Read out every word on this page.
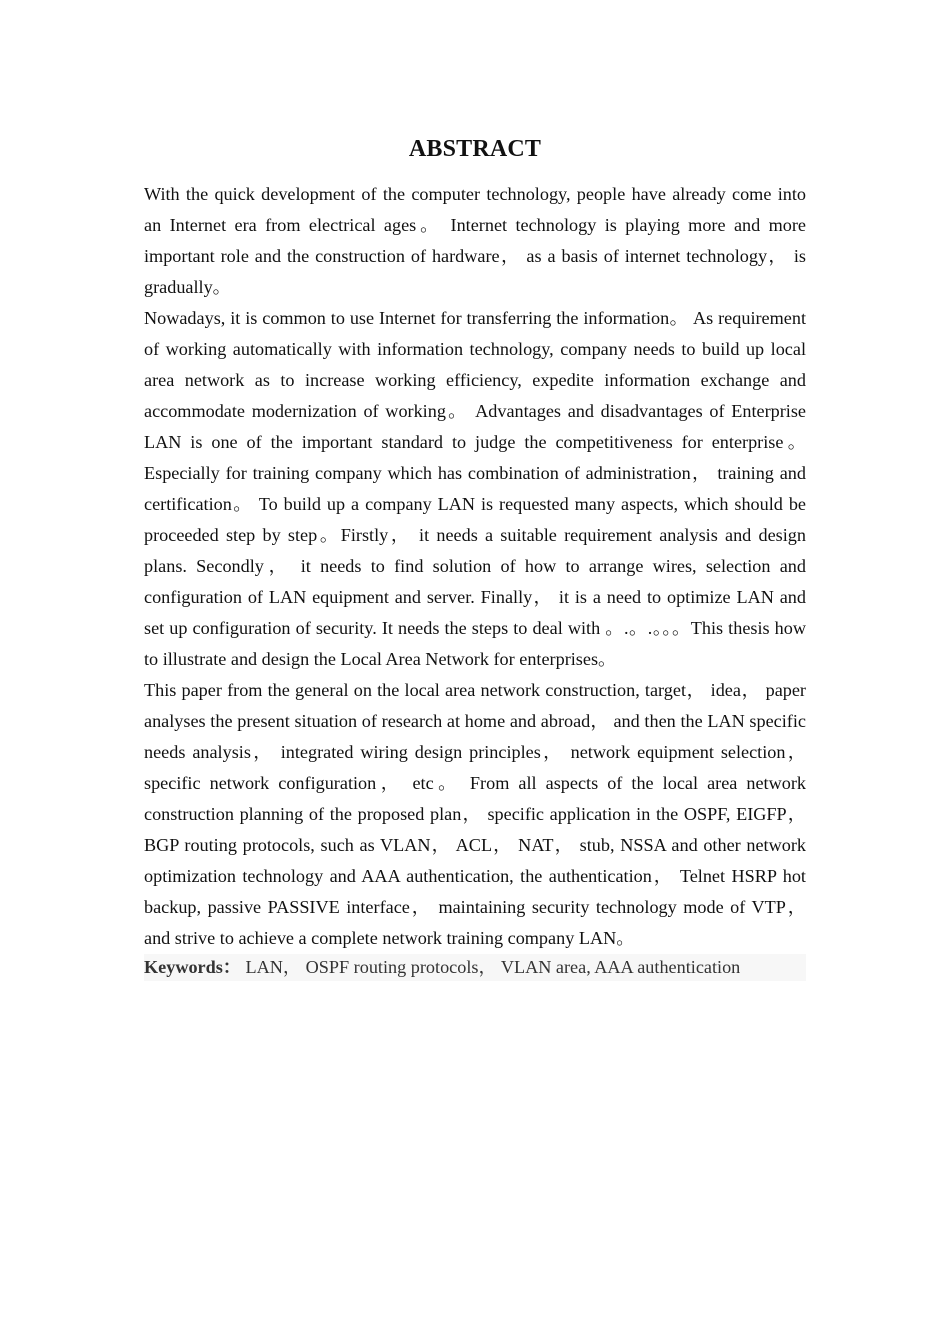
ABSTRACT

With the quick development of the computer technology, people have already come into an Internet era from electrical ages。 Internet technology is playing more and more important role and the construction of hardware， as a basis of internet technology， is gradually。

Nowadays, it is common to use Internet for transferring the information。 As requirement of working automatically with information technology, company needs to build up local area network as to increase working efficiency, expedite information exchange and accommodate modernization of working。 Advantages and disadvantages of Enterprise LAN is one of the important standard to judge the competitiveness for enterprise。 Especially for training company which has combination of administration， training and certification。 To build up a company LAN is requested many aspects, which should be proceeded step by step。Firstly， it needs a suitable requirement analysis and design plans. Secondly， it needs to find solution of how to arrange wires, selection and configuration of LAN equipment and server. Finally， it is a need to optimize LAN and set up configuration of security. It needs the steps to deal with 。.。.。。。This thesis how to illustrate and design the Local Area Network for enterprises。

This paper from the general on the local area network construction, target， idea， paper analyses the present situation of research at home and abroad， and then the LAN specific needs analysis， integrated wiring design principles， network equipment selection， specific network configuration， etc。 From all aspects of the local area network construction planning of the proposed plan， specific application in the OSPF, EIGFP， BGP routing protocols, such as VLAN， ACL， NAT， stub, NSSA and other network optimization technology and AAA authentication, the authentication， Telnet HSRP hot backup, passive PASSIVE interface， maintaining security technology mode of VTP， and strive to achieve a complete network training company LAN。

Keywords： LAN， OSPF routing protocols， VLAN area, AAA authentication
